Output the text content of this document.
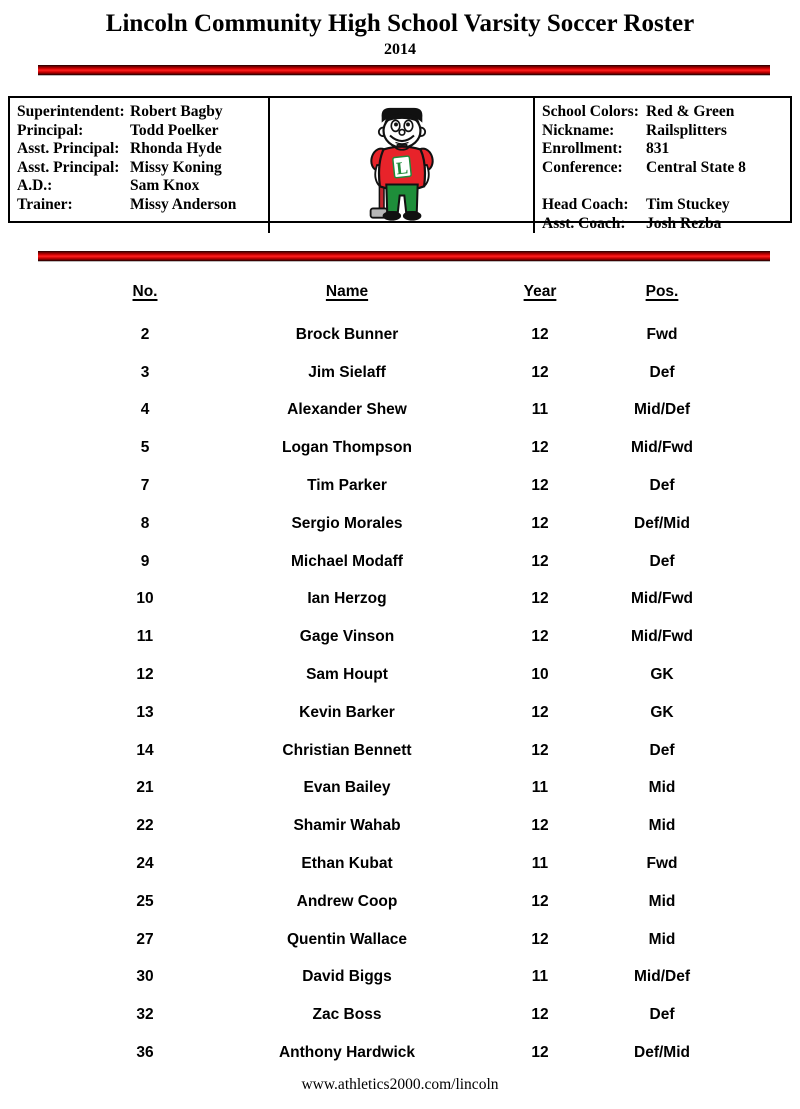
Lincoln Community High School Varsity Soccer Roster
2014
Superintendent: Robert Bagby
Principal:	Todd Poelker
Asst. Principal: Rhonda Hyde
Asst. Principal: Missy Koning
A.D.:	Sam Knox
Trainer:	Missy Anderson
L
School Colors: Red & Green
Nickname:	Railsplitters
Enrollment:	831
Conference:	Central State 8
Head Coach:	Tim Stuckey
Asst. Coach:	Josh Rezba
No.	Name	Year	Pos.
2	Brock Bunner	12	Fwd
3	Jim Sielaff	12	Def
4	Alexander Shew	11	Mid/Def
5	Logan Thompson	12	Mid/Fwd
7	Tim Parker	12	Def
8	Sergio Morales	12	Def/Mid
9	Michael Modaff	12	Def
10	Ian Herzog	12	Mid/Fwd
11	Gage Vinson	12	Mid/Fwd
12	Sam Houpt	10	GK
13	Kevin Barker	12	GK
14	Christian Bennett	12	Def
21	Evan Bailey	11	Mid
22	Shamir Wahab	12	Mid
24	Ethan Kubat	11	Fwd
25	Andrew Coop	12	Mid
27	Quentin Wallace	12	Mid
30	David Biggs	11	Mid/Def
32	Zac Boss	12	Def
36	Anthony Hardwick	12	Def/Mid
www.athletics2000.com/lincoln
